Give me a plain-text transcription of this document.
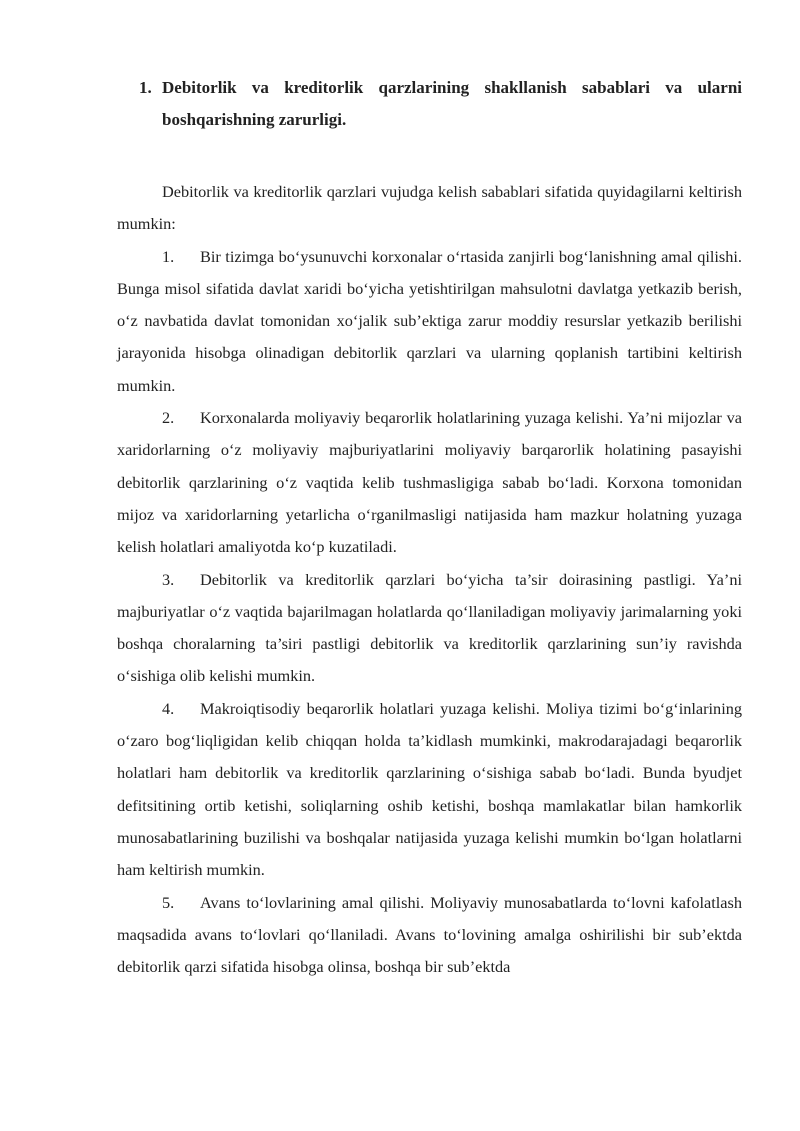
1. Debitorlik va kreditorlik qarzlarining shakllanish sabablari va ularni boshqarishning zarurligi.

Debitorlik va kreditorlik qarzlari vujudga kelish sabablari sifatida quyidagilarni keltirish mumkin:

1. Bir tizimga bo‘ysunuvchi korxonalar o‘rtasida zanjirli bog‘lanishning amal qilishi. Bunga misol sifatida davlat xaridi bo‘yicha yetishtirilgan mahsulotni davlatga yetkazib berish, o‘z navbatida davlat tomonidan xo‘jalik sub’ektiga zarur moddiy resurslar yetkazib berilishi jarayonida hisobga olinadigan debitorlik qarzlari va ularning qoplanish tartibini keltirish mumkin.

2. Korxonalarda moliyaviy beqarorlik holatlarining yuzaga kelishi. Ya’ni mijozlar va xaridorlarning o‘z moliyaviy majburiyatlarini moliyaviy barqarorlik holatining pasayishi debitorlik qarzlarining o‘z vaqtida kelib tushmasligiga sabab bo‘ladi. Korxona tomonidan mijoz va xaridorlarning yetarlicha o‘rganilmasligi natijasida ham mazkur holatning yuzaga kelish holatlari amaliyotda ko‘p kuzatiladi.

3. Debitorlik va kreditorlik qarzlari bo‘yicha ta’sir doirasining pastligi. Ya’ni majburiyatlar o‘z vaqtida bajarilmagan holatlarda qo‘llaniladigan moliyaviy jarimalarning yoki boshqa choralarning ta’siri pastligi debitorlik va kreditorlik qarzlarining sun’iy ravishda o‘sishiga olib kelishi mumkin.

4. Makroiqtisodiy beqarorlik holatlari yuzaga kelishi. Moliya tizimi bo‘g‘inlarining o‘zaro bog‘liqligidan kelib chiqqan holda ta’kidlash mumkinki, makrodarajadagi beqarorlik holatlari ham debitorlik va kreditorlik qarzlarining o‘sishiga sabab bo‘ladi. Bunda byudjet defitsitining ortib ketishi, soliqlarning oshib ketishi, boshqa mamlakatlar bilan hamkorlik munosabatlarining buzilishi va boshqalar natijasida yuzaga kelishi mumkin bo‘lgan holatlarni ham keltirish mumkin.

5. Avans to‘lovlarining amal qilishi. Moliyaviy munosabatlarda to‘lovni kafolatlash maqsadida avans to‘lovlari qo‘llaniladi. Avans to‘lovining amalga oshirilishi bir sub’ektda debitorlik qarzi sifatida hisobga olinsa, boshqa bir sub’ektda
